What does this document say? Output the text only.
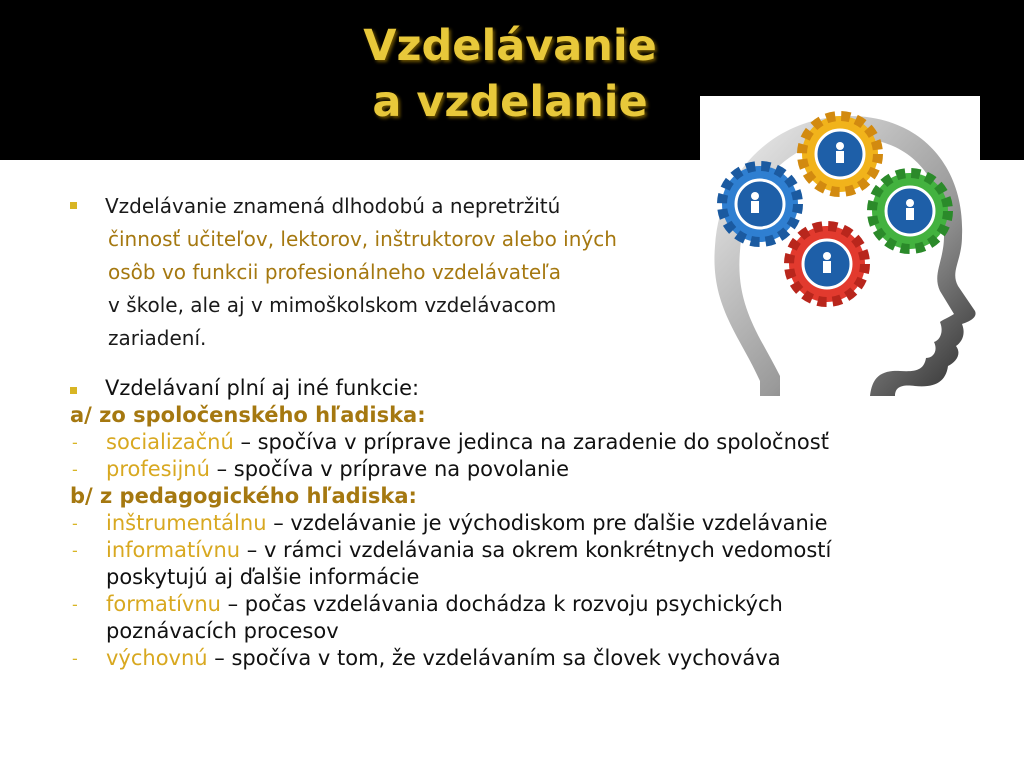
Vzdelávanie
a vzdelanie
Vzdelávanie znamená dlhodobú a nepretržitú
činnosť učiteľov, lektorov, inštruktorov alebo iných
osôb vo funkcii profesionálneho vzdelávateľa
v škole, ale aj v mimoškolskom vzdelávacom
zariadení.
Vzdelávaní plní aj iné funkcie:
a/ zo spoločenského hľadiska:
- socializačnú – spočíva v príprave jedinca na zaradenie do spoločnosť
- profesijnú – spočíva v príprave na povolanie
b/ z pedagogického hľadiska:
- inštrumentálnu – vzdelávanie je východiskom pre ďalšie vzdelávanie
- informatívnu – v rámci vzdelávania sa okrem konkrétnych vedomostí
poskytujú aj ďalšie informácie
- formatívnu – počas vzdelávania dochádza k rozvoju psychických
poznávacích procesov
- výchovnú – spočíva v tom, že vzdelávaním sa človek vychováva
